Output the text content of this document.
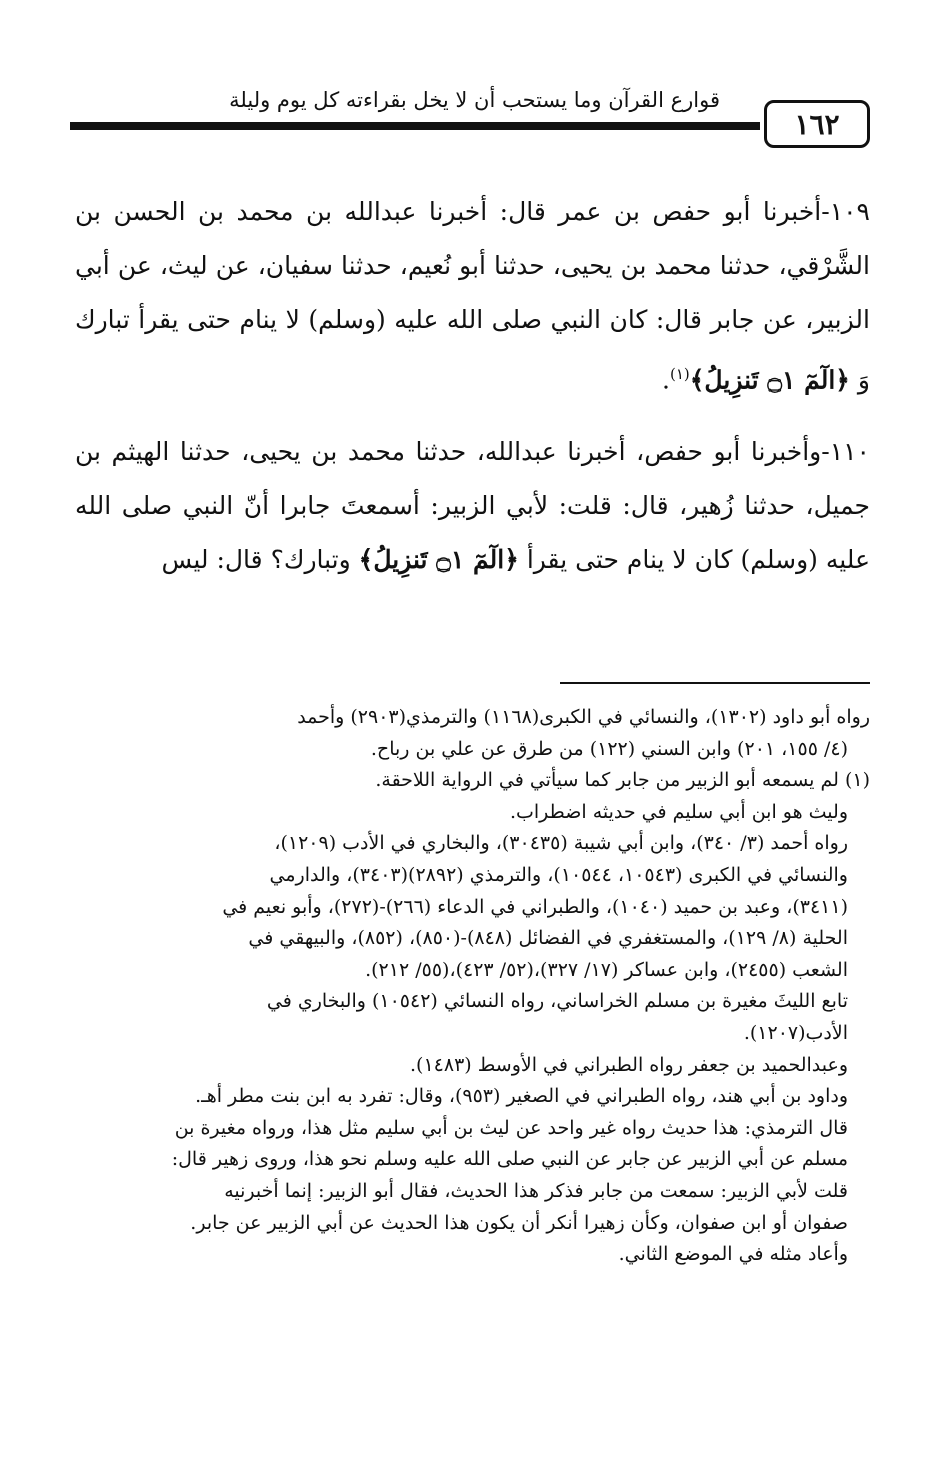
قوارع القرآن وما يستحب أن لا يخل بقراءته كل يوم وليلة
١٦٢

١٠٩-أخبرنا أبو حفص بن عمر قال: أخبرنا عبدالله بن محمد بن الحسن بن الشَّرْقي، حدثنا محمد بن يحيى، حدثنا أبو نُعيم، حدثنا سفيان، عن ليث، عن أبي الزبير، عن جابر قال: كان النبي صلى الله عليه (وسلم) لا ينام حتى يقرأ تبارك وَ ﴿الٓمٓ ۝١ تَنزِيلُ﴾$^{(١)}$.

١١٠-وأخبرنا أبو حفص، أخبرنا عبدالله، حدثنا محمد بن يحيى، حدثنا الهيثم بن جميل، حدثنا زُهير، قال: قلت: لأبي الزبير: أسمعتَ جابرا أنّ النبي صلى الله عليه (وسلم) كان لا ينام حتى يقرأ ﴿الٓمٓ ۝١ تَنزِيلُ﴾ وتبارك؟ قال: ليس

رواه أبو داود (١٣٠٢)، والنسائي في الكبرى(١١٦٨) والترمذي(٢٩٠٣) وأحمد
(٤/ ١٥٥، ٢٠١) وابن السني (١٢٢) من طرق عن علي بن رباح.
(١) لم يسمعه أبو الزبير من جابر كما سيأتي في الرواية اللاحقة.
وليث هو ابن أبي سليم في حديثه اضطراب.
رواه أحمد (٣/ ٣٤٠)، وابن أبي شيبة (٣٠٤٣٥)، والبخاري في الأدب (١٢٠٩)،
والنسائي في الكبرى (١٠٥٤٣، ١٠٥٤٤)، والترمذي (٢٨٩٢)(٣٤٠٣)، والدارمي
(٣٤١١)، وعبد بن حميد (١٠٤٠)، والطبراني في الدعاء (٢٦٦)-(٢٧٢)، وأبو نعيم في
الحلية (٨/ ١٢٩)، والمستغفري في الفضائل (٨٤٨)-(٨٥٠)، (٨٥٢)، والبيهقي في
الشعب (٢٤٥٥)، وابن عساكر (١٧/ ٣٢٧)،(٥٢/ ٤٢٣)،(٥٥/ ٢١٢).
تابع الليثَ مغيرة بن مسلم الخراساني، رواه النسائي (١٠٥٤٢) والبخاري في
الأدب(١٢٠٧).
وعبدالحميد بن جعفر رواه الطبراني في الأوسط (١٤٨٣).
وداود بن أبي هند، رواه الطبراني في الصغير (٩٥٣)، وقال: تفرد به ابن بنت مطر أهـ.
قال الترمذي: هذا حديث رواه غير واحد عن ليث بن أبي سليم مثل هذا، ورواه مغيرة بن
مسلم عن أبي الزبير عن جابر عن النبي صلى الله عليه وسلم نحو هذا، وروى زهير قال:
قلت لأبي الزبير: سمعت من جابر فذكر هذا الحديث، فقال أبو الزبير: إنما أخبرنيه
صفوان أو ابن صفوان، وكأن زهيرا أنكر أن يكون هذا الحديث عن أبي الزبير عن جابر.
وأعاد مثله في الموضع الثاني.
